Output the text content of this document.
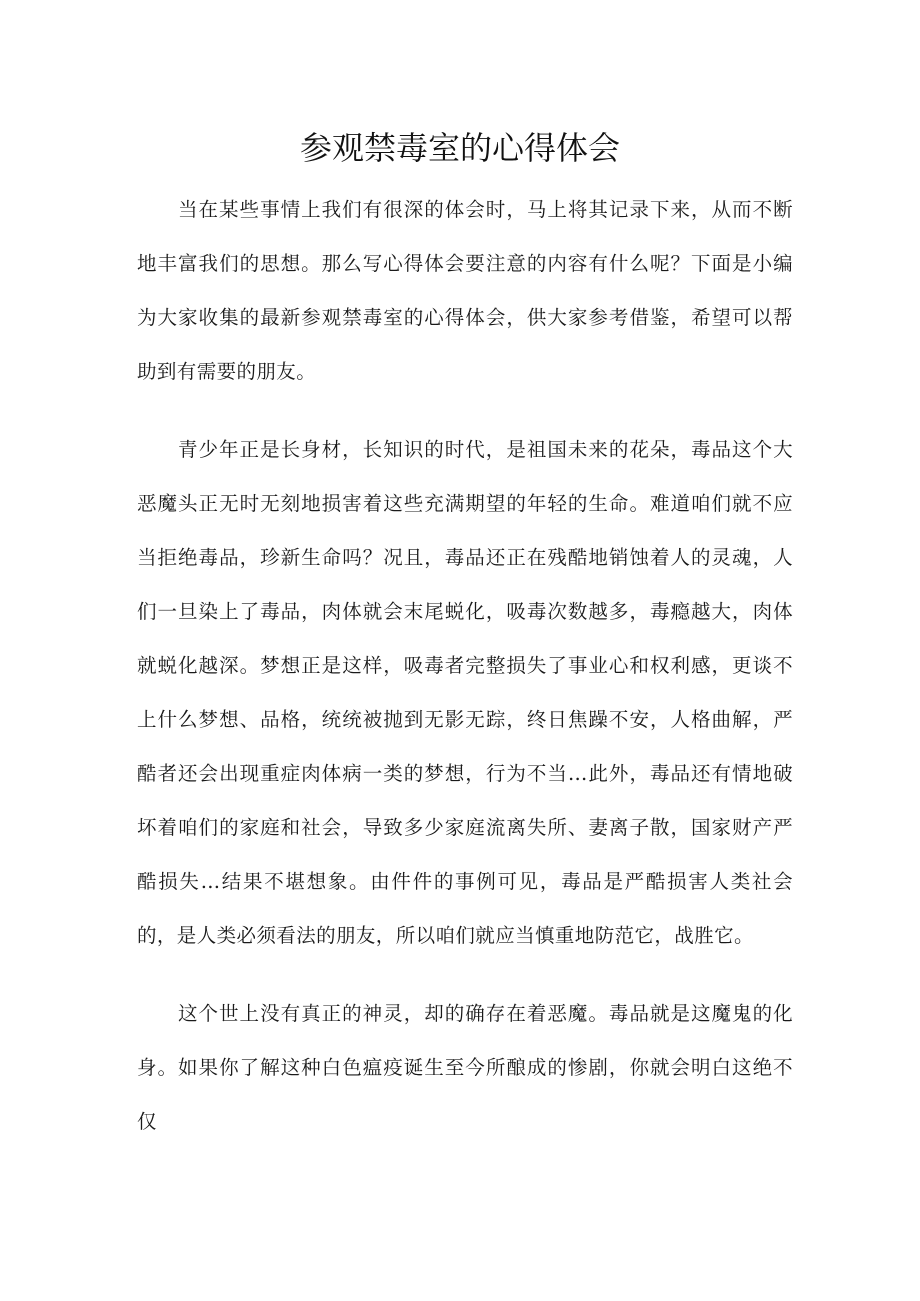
参观禁毒室的心得体会

当在某些事情上我们有很深的体会时，马上将其记录下来，从而不断地丰富我们的思想。那么写心得体会要注意的内容有什么呢？下面是小编为大家收集的最新参观禁毒室的心得体会，供大家参考借鉴，希望可以帮助到有需要的朋友。

青少年正是长身材，长知识的时代，是祖国未来的花朵，毒品这个大恶魔头正无时无刻地损害着这些充满期望的年轻的生命。难道咱们就不应当拒绝毒品，珍新生命吗？况且，毒品还正在残酷地销蚀着人的灵魂，人们一旦染上了毒品，肉体就会末尾蜕化，吸毒次数越多，毒瘾越大，肉体就蜕化越深。梦想正是这样，吸毒者完整损失了事业心和权利感，更谈不上什么梦想、品格，统统被抛到无影无踪，终日焦躁不安，人格曲解，严酷者还会出现重症肉体病一类的梦想，行为不当…此外，毒品还有情地破坏着咱们的家庭和社会，导致多少家庭流离失所、妻离子散，国家财产严酷损失…结果不堪想象。由件件的事例可见，毒品是严酷损害人类社会的，是人类必须看法的朋友，所以咱们就应当慎重地防范它，战胜它。

这个世上没有真正的神灵，却的确存在着恶魔。毒品就是这魔鬼的化身。如果你了解这种白色瘟疫诞生至今所酿成的惨剧，你就会明白这绝不仅
